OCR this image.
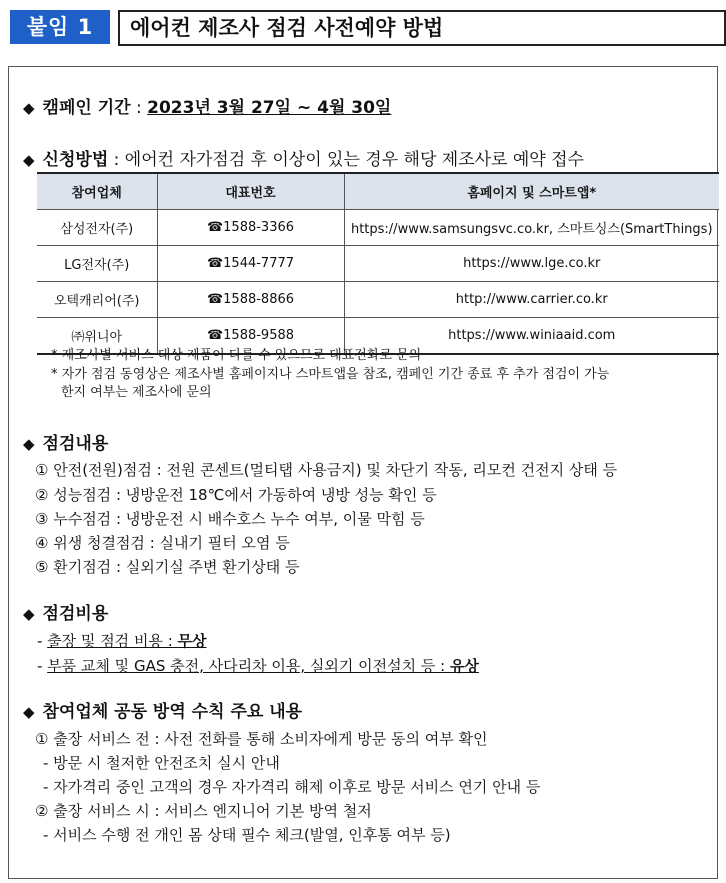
붙임 1	에어컨 제조사 점검 사전예약 방법
◆ 캠페인 기간 : 2023년 3월 27일 ~ 4월 30일
◆ 신청방법 : 에어컨 자가점검 후 이상이 있는 경우 해당 제조사로 예약 접수
참여업체	대표번호	홈페이지 및 스마트앱*
삼성전자(주)	☎1588-3366	https://www.samsungsvc.co.kr, 스마트싱스(SmartThings)
LG전자(주)	☎1544-7777	https://www.lge.co.kr
오텍캐리어(주)	☎1588-8866	http://www.carrier.co.kr
㈜위니아	☎1588-9588	https://www.winiaaid.com
* 제조사별 서비스 대상 제품이 다를 수 있으므로 대표전화로 문의
* 자가 점검 동영상은 제조사별 홈페이지나 스마트앱을 참조, 캠페인 기간 종료 후 추가 점검이 가능
한지 여부는 제조사에 문의
◆ 점검내용
① 안전(전원)점검 : 전원 콘센트(멀티탭 사용금지) 및 차단기 작동, 리모컨 건전지 상태 등
② 성능점검 : 냉방운전 18℃에서 가동하여 냉방 성능 확인 등
③ 누수점검 : 냉방운전 시 배수호스 누수 여부, 이물 막힘 등
④ 위생 청결점검 : 실내기 필터 오염 등
⑤ 환기점검 : 실외기실 주변 환기상태 등
◆ 점검비용
- 출장 및 점검 비용 : 무상
- 부품 교체 및 GAS 충전, 사다리차 이용, 실외기 이전설치 등 : 유상
◆ 참여업체 공동 방역 수칙 주요 내용
① 출장 서비스 전 : 사전 전화를 통해 소비자에게 방문 동의 여부 확인
- 방문 시 철저한 안전조치 실시 안내
- 자가격리 중인 고객의 경우 자가격리 해제 이후로 방문 서비스 연기 안내 등
② 출장 서비스 시 : 서비스 엔지니어 기본 방역 철저
- 서비스 수행 전 개인 몸 상태 필수 체크(발열, 인후통 여부 등)
